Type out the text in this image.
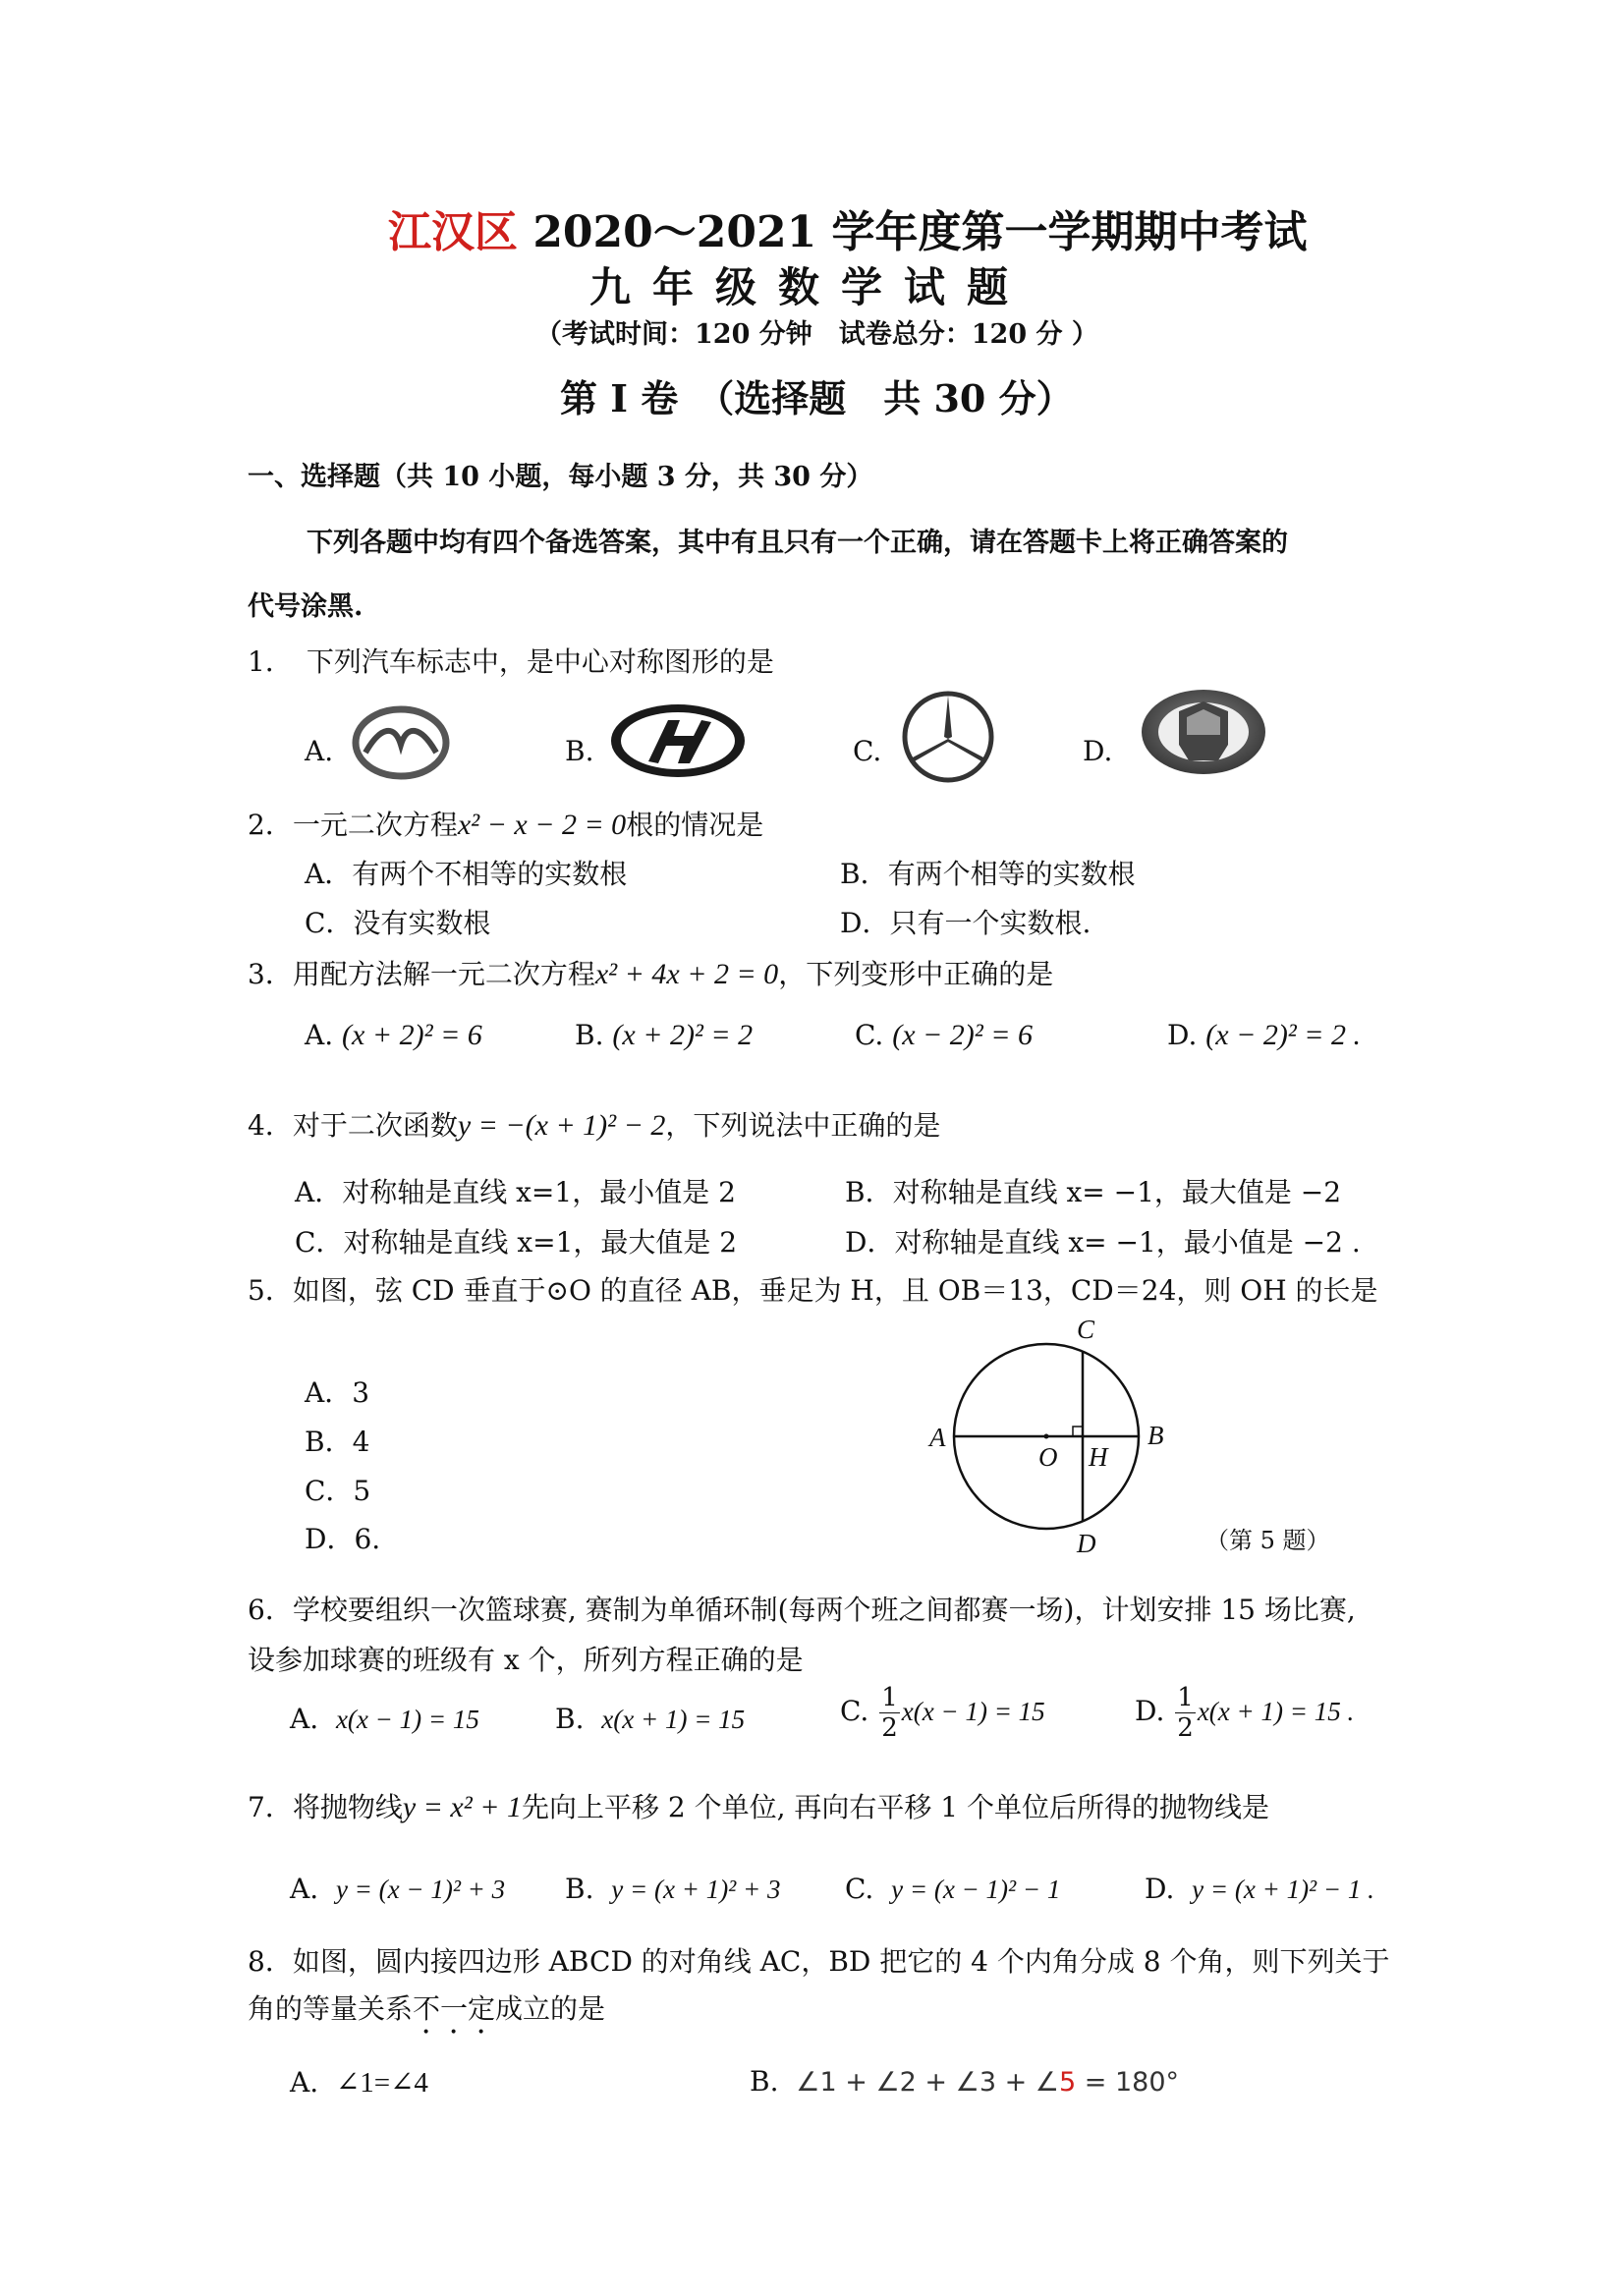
江汉区 2020～2021 学年度第一学期期中考试
九年级数学试题
（考试时间：120 分钟　试卷总分：120 分 ）
第 Ⅰ 卷　（选择题　共 30 分）
一、选择题（共 10 小题，每小题 3 分，共 30 分）
下列各题中均有四个备选答案，其中有且只有一个正确，请在答题卡上将正确答案的
代号涂黑.
1．　下列汽车标志中，是中心对称图形的是
A.	B.	C.	D.
2．一元二次方程x² − x − 2 = 0根的情况是
A．有两个不相等的实数根	B．有两个相等的实数根
C．没有实数根	D．只有一个实数根.
3．用配方法解一元二次方程x² + 4x + 2 = 0，下列变形中正确的是
A. (x + 2)² = 6	B. (x + 2)² = 2	C. (x − 2)² = 6	D. (x − 2)² = 2 .
4．对于二次函数y = −(x + 1)² − 2，下列说法中正确的是
A．对称轴是直线 x=1，最小值是 2	B．对称轴是直线 x= −1，最大值是 −2
C．对称轴是直线 x=1，最大值是 2	D．对称轴是直线 x= −1，最小值是 −2 .
5．如图，弦 CD 垂直于⊙O 的直径 AB，垂足为 H，且 OB＝13，CD＝24，则 OH 的长是
A．3
B．4
C．5
D．6.
C
A	B
O H
D	（第 5 题）
6．学校要组织一次篮球赛, 赛制为单循环制(每两个班之间都赛一场)，计划安排 15 场比赛,
设参加球赛的班级有 x 个，所列方程正确的是
A. x(x − 1) = 15	B. x(x + 1) = 15	C. $\frac{1}{2} x(x - 1) = 15$	D. $\frac{1}{2} x(x + 1) = 15$ .
7．将抛物线y = x² + 1先向上平移 2 个单位, 再向右平移 1 个单位后所得的抛物线是
A. y = (x − 1)² + 3 B. y = (x + 1)² + 3 C. y = (x − 1)² − 1	D. y = (x + 1)² − 1 .
8．如图，圆内接四边形 ABCD 的对角线 AC，BD 把它的 4 个内角分成 8 个角，则下列关于
角的等量关系不一定成立的是
A. ∠1=∠4	B. ∠1 + ∠2 + ∠3 + ∠5 = 180°
